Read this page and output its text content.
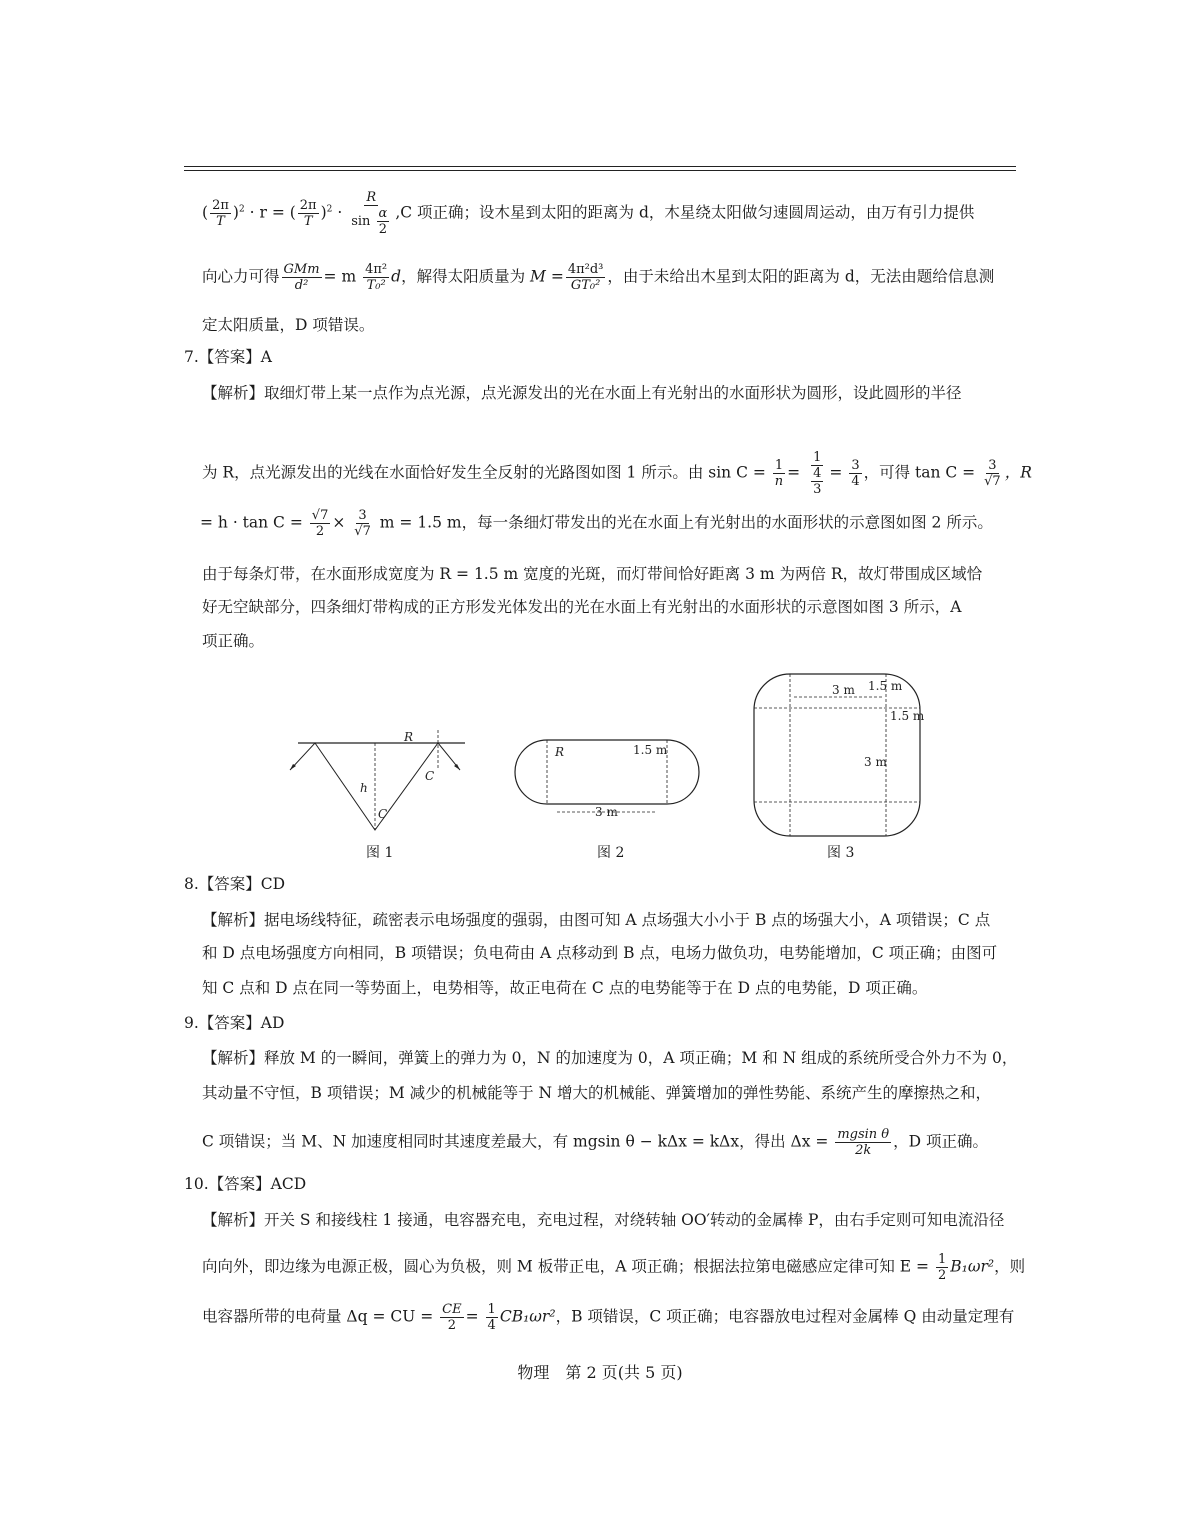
( $\frac{2\pi}{T} )^2 \cdot r$ = ( $\frac{2\pi}{T} )^2 \cdot \frac{R}{\sin \frac{\alpha}{2}} ,C$ 项正确；设木星到太阳的距离为 d，木星绕太阳做匀速圆周运动，由万有引力提供
向心力可得 $\frac{\text{GMm}}{\text{d²}} = m \frac{\text{4π²}}{\text{T₀²}}$ d，解得太阳质量为 $M = \frac{\text{4π²d³}}{\text{GT₀²}}$ ，由于未给出木星到太阳的距离为 d，无法由题给信息测
定太阳质量，D 项错误。
7.【答案】A
【解析】取细灯带上某一点作为点光源，点光源发出的光在水面上有光射出的水面形状为圆形，设此圆形的半径
为 R，点光源发出的光线在水面恰好发生全反射的光路图如图 1 所示。由 $\sin C = \frac{1}{n} = \frac{1}{\frac{4}{3}} = \frac{3}{4}$ ，可得 $\tan C = \frac{3}{√7}$ ，R
= $h \cdot \tan C = \frac{√7}{2} \times \frac{3}{√7}$ m = 1.5 m，每一条细灯带发出的光在水面上有光射出的水面形状的示意图如图 2 所示。
由于每条灯带，在水面形成宽度为 R = 1.5 m 宽度的光斑，而灯带间恰好距离 3 m 为两倍 R，故灯带围成区域恰
好无空缺部分，四条细灯带构成的正方形发光体发出的光在水面上有光射出的水面形状的示意图如图 3 所示，A
项正确。
R
h
C
C
图 1
R	1.5 m
3 m
图 2
3 m 1.5 m
1.5 m
3 m
图 3
8.【答案】CD
【解析】据电场线特征，疏密表示电场强度的强弱，由图可知 A 点场强大小小于 B 点的场强大小，A 项错误；C 点
和 D 点电场强度方向相同，B 项错误；负电荷由 A 点移动到 B 点，电场力做负功，电势能增加，C 项正确；由图可
知 C 点和 D 点在同一等势面上，电势相等，故正电荷在 C 点的电势能等于在 D 点的电势能，D 项正确。
9.【答案】AD
【解析】释放 M 的一瞬间，弹簧上的弹力为 0，N 的加速度为 0，A 项正确；M 和 N 组成的系统所受合外力不为 0，
其动量不守恒，B 项错误；M 减少的机械能等于 N 增大的机械能、弹簧增加的弹性势能、系统产生的摩擦热之和，
C 项错误；当 M、N 加速度相同时其速度差最大，有 mgsin θ − kΔx = kΔx，得出 $\Delta x = \frac{\text{mgsin θ}}{2k}$ ，D 项正确。
10.【答案】ACD
【解析】开关 S 和接线柱 1 接通，电容器充电，充电过程，对绕转轴 OO′转动的金属棒 P，由右手定则可知电流沿径
向向外，即边缘为电源正极，圆心为负极，则 M 板带正电，A 项正确；根据法拉第电磁感应定律可知 $E = \frac{1}{2} B_1\omega r^2$，则
电容器所带的电荷量 Δq = CU = $\frac{CE}{2} = \frac{1}{4} CB_1\omega r^2$，B 项错误，C 项正确；电容器放电过程对金属棒 Q 由动量定理有
物理　第 2 页(共 5 页)
